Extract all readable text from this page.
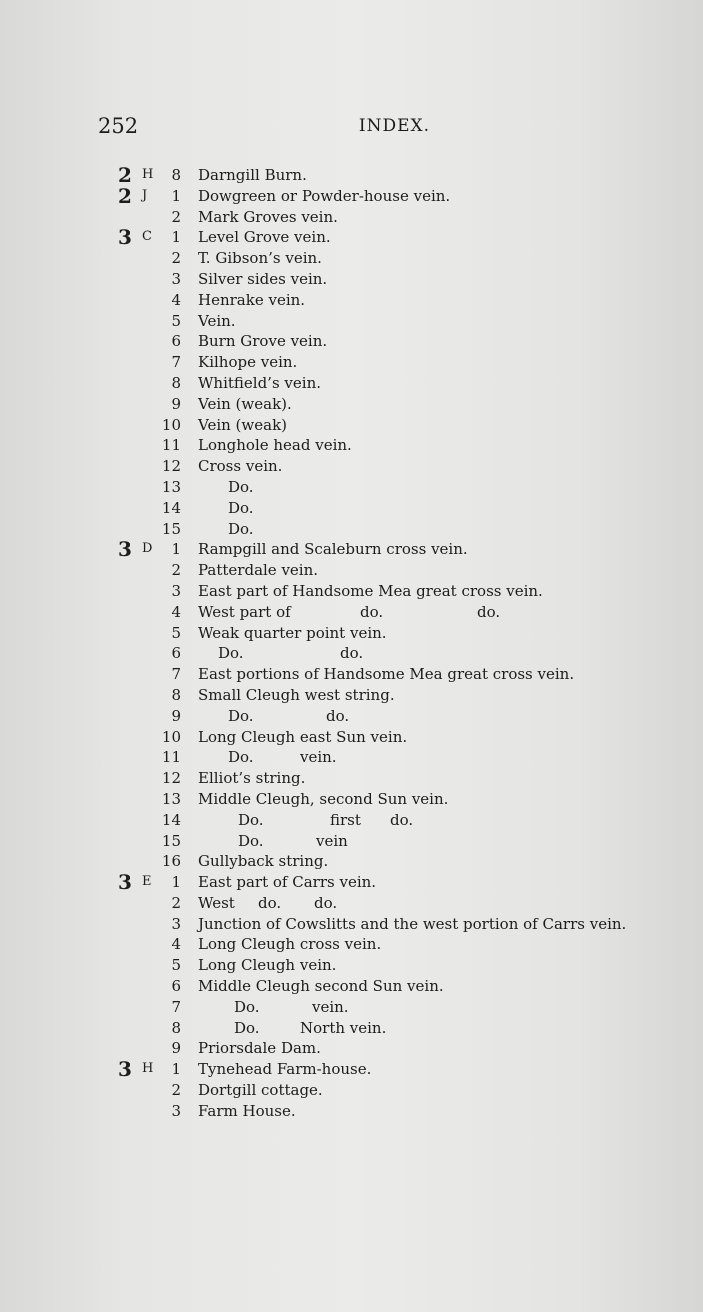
252	INDEX.
2 H 8 Darngill Burn.
2 J 1 Dowgreen or Powder-house vein.
2 Mark Groves vein.
3 C 1 Level Grove vein.
2 T. Gibson’s vein.
3 Silver sides vein.
4 Henrake vein.
5 Vein.
6 Burn Grove vein.
7 Kilhope vein.
8 Whitfield’s vein.
9 Vein (weak).
10 Vein (weak)
11 Longhole head vein.
12 Cross vein.
13	Do.
14	Do.
15	Do.
3 D 1 Rampgill and Scaleburn cross vein.
2 Patterdale vein.
3 East part of Handsome Mea great cross vein.
4 West part of	do.	do.
5 Weak quarter point vein.
6 Do.	do.
7 East portions of Handsome Mea great cross vein.
8 Small Cleugh west string.
9	Do.	do.
10 Long Cleugh east Sun vein.
11	Do.	vein.
12 Elliot’s string.
13 Middle Cleugh, second Sun vein.
14	Do.	first do.
15	Do.	vein
16 Gullyback string.
3 E 1 East part of Carrs vein.
2 West do. do.
3 Junction of Cowslitts and the west portion of Carrs vein.
4 Long Cleugh cross vein.
5 Long Cleugh vein.
6 Middle Cleugh second Sun vein.
7	Do.	vein.
8	Do.	North vein.
9 Priorsdale Dam.
3 H 1 Tynehead Farm-house.
2 Dortgill cottage.
3 Farm House.
